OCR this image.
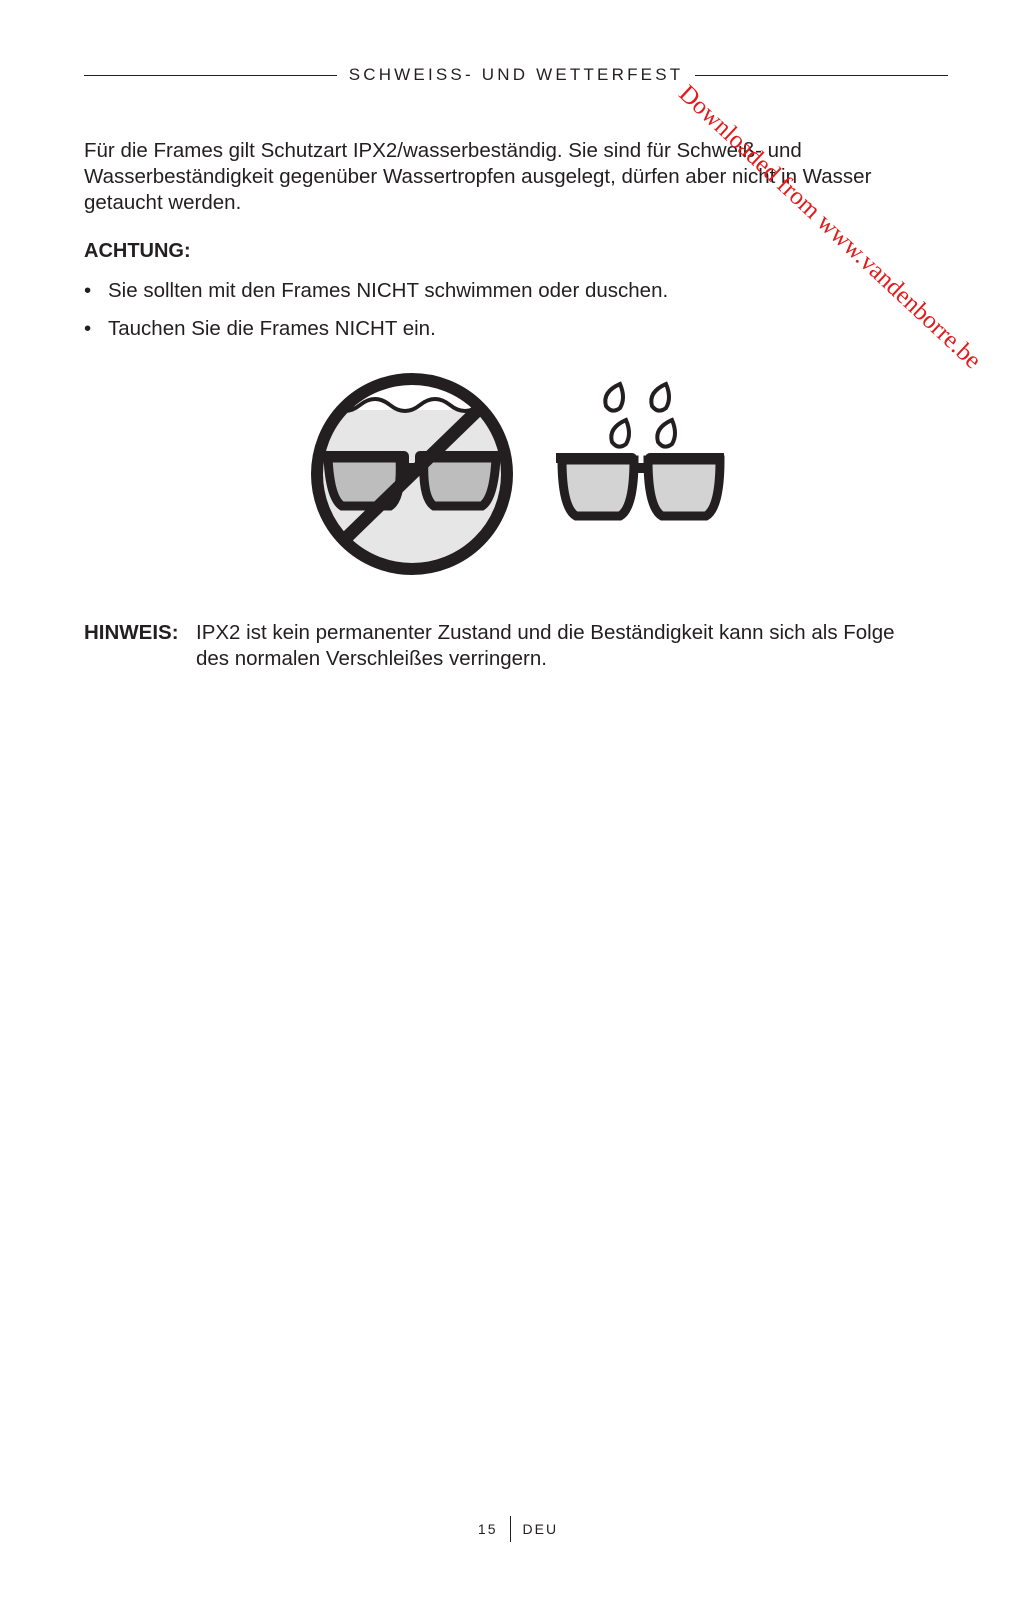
SCHWEISS- UND WETTERFEST

Für die Frames gilt Schutzart IPX2/wasserbeständig. Sie sind für Schweiß- und Wasserbeständigkeit gegenüber Wassertropfen ausgelegt, dürfen aber nicht in Wasser getaucht werden.

ACHTUNG:

• Sie sollten mit den Frames NICHT schwimmen oder duschen.
• Tauchen Sie die Frames NICHT ein.
HINWEIS: IPX2 ist kein permanenter Zustand und die Beständigkeit kann sich als Folge des normalen Verschleißes verringern.
15 DEU
Downloaded from www.vandenborre.be
